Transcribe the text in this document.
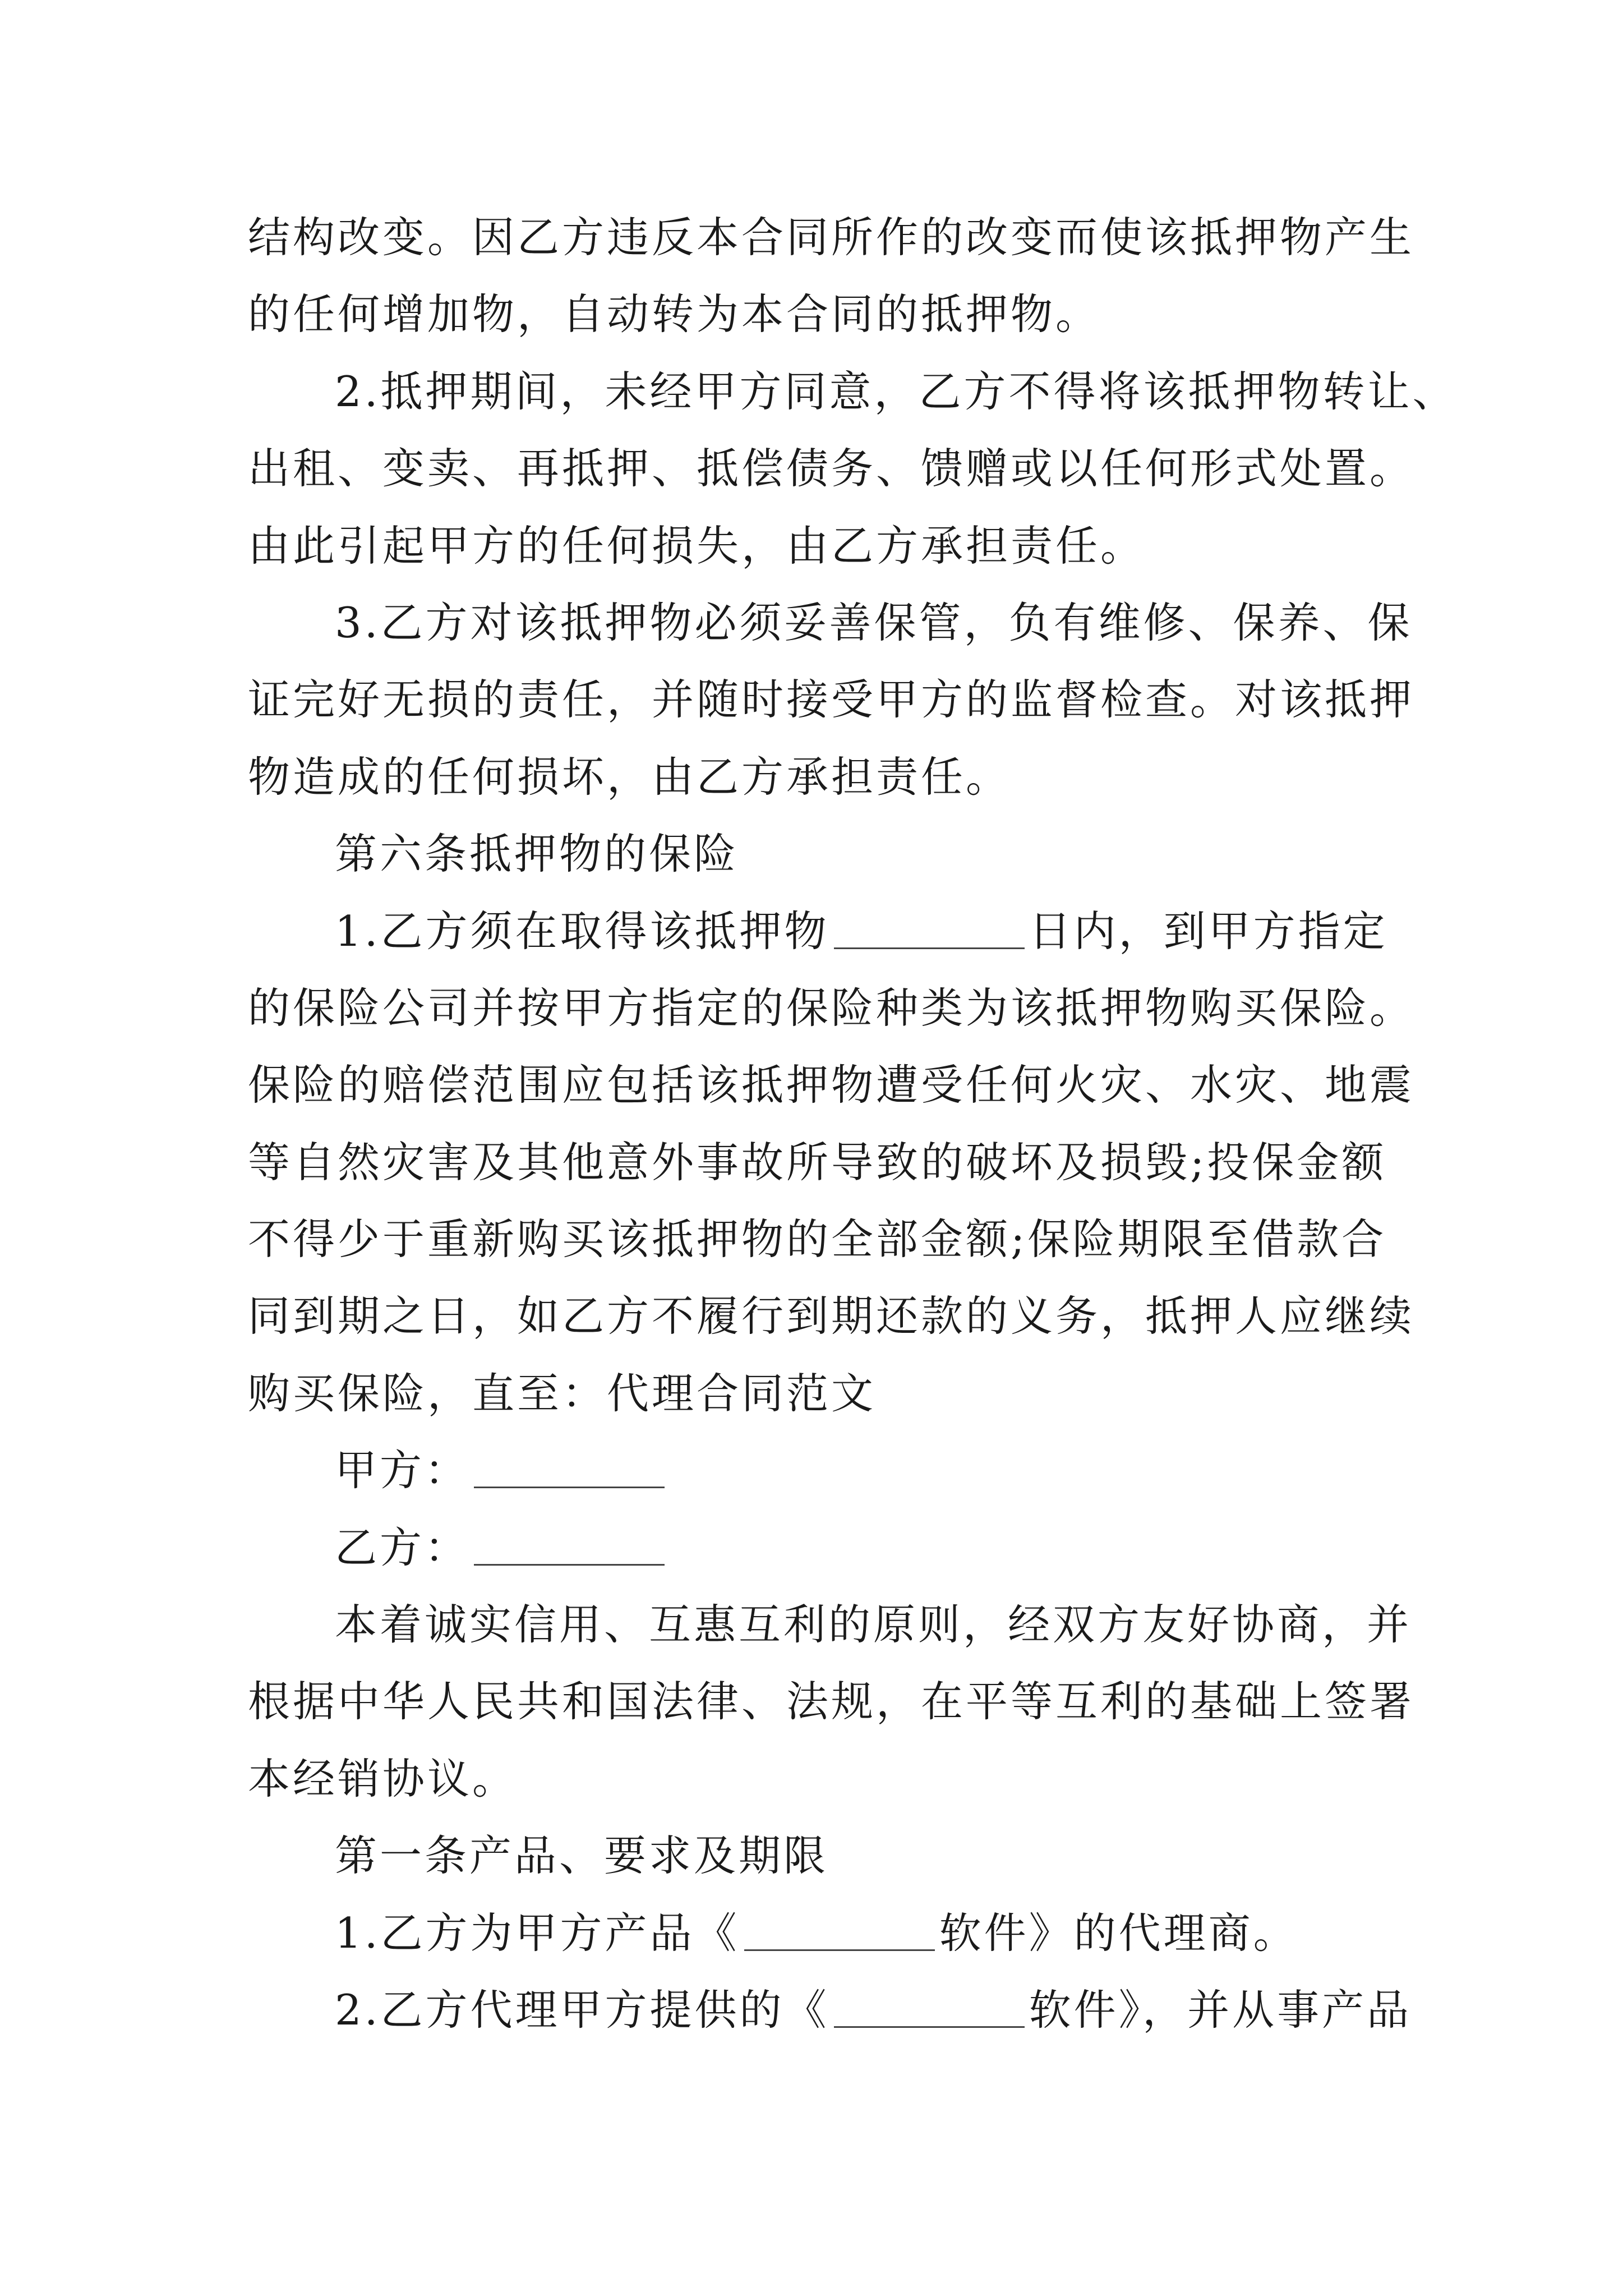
结构改变。因乙方违反本合同所作的改变而使该抵押物产生
的任何增加物，自动转为本合同的抵押物。
2.抵押期间，未经甲方同意，乙方不得将该抵押物转让、
出租、变卖、再抵押、抵偿债务、馈赠或以任何形式处置。
由此引起甲方的任何损失，由乙方承担责任。
3.乙方对该抵押物必须妥善保管，负有维修、保养、保
证完好无损的责任，并随时接受甲方的监督检查。对该抵押
物造成的任何损坏，由乙方承担责任。
第六条抵押物的保险
1.乙方须在取得该抵押物	日内，到甲方指定
的保险公司并按甲方指定的保险种类为该抵押物购买保险。
保险的赔偿范围应包括该抵押物遭受任何火灾、水灾、地震
等自然灾害及其他意外事故所导致的破坏及损毁;投保金额
不得少于重新购买该抵押物的全部金额;保险期限至借款合
同到期之日，如乙方不履行到期还款的义务，抵押人应继续
购买保险，直至：代理合同范文
甲方：
乙方：
本着诚实信用、互惠互利的原则，经双方友好协商，并
根据中华人民共和国法律、法规，在平等互利的基础上签署
本经销协议。
第一条产品、要求及期限
1.乙方为甲方产品《	软件》的代理商。
2.乙方代理甲方提供的《	软件》，并从事产品
